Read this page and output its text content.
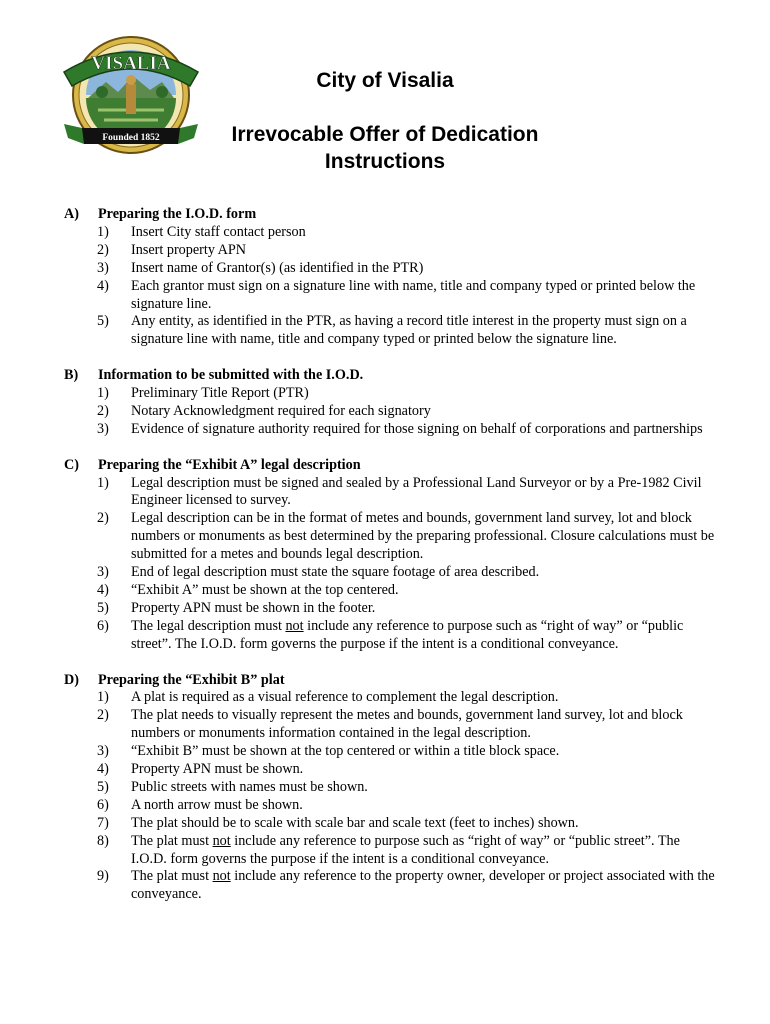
VISALIA
Founded 1852
City of Visalia
Irrevocable Offer of Dedication
Instructions
A) Preparing the I.O.D. form
1) Insert City staff contact person
2) Insert property APN
3) Insert name of Grantor(s) (as identified in the PTR)
4) Each grantor must sign on a signature line with name, title and company typed or printed below the signature line.
5) Any entity, as identified in the PTR, as having a record title interest in the property must sign on a signature line with name, title and company typed or printed below the signature line.
B) Information to be submitted with the I.O.D.
1) Preliminary Title Report (PTR)
2) Notary Acknowledgment required for each signatory
3) Evidence of signature authority required for those signing on behalf of corporations and partnerships
C) Preparing the “Exhibit A” legal description
1) Legal description must be signed and sealed by a Professional Land Surveyor or by a Pre-1982 Civil Engineer licensed to survey.
2) Legal description can be in the format of metes and bounds, government land survey, lot and block numbers or monuments as best determined by the preparing professional. Closure calculations must be submitted for a metes and bounds legal description.
3) End of legal description must state the square footage of area described.
4) “Exhibit A” must be shown at the top centered.
5) Property APN must be shown in the footer.
6) The legal description must not include any reference to purpose such as “right of way” or “public street”. The I.O.D. form governs the purpose if the intent is a conditional conveyance.
D) Preparing the “Exhibit B” plat
1) A plat is required as a visual reference to complement the legal description.
2) The plat needs to visually represent the metes and bounds, government land survey, lot and block numbers or monuments information contained in the legal description.
3) “Exhibit B” must be shown at the top centered or within a title block space.
4) Property APN must be shown.
5) Public streets with names must be shown.
6) A north arrow must be shown.
7) The plat should be to scale with scale bar and scale text (feet to inches) shown.
8) The plat must not include any reference to purpose such as “right of way” or “public street”. The I.O.D. form governs the purpose if the intent is a conditional conveyance.
9) The plat must not include any reference to the property owner, developer or project associated with the conveyance.
